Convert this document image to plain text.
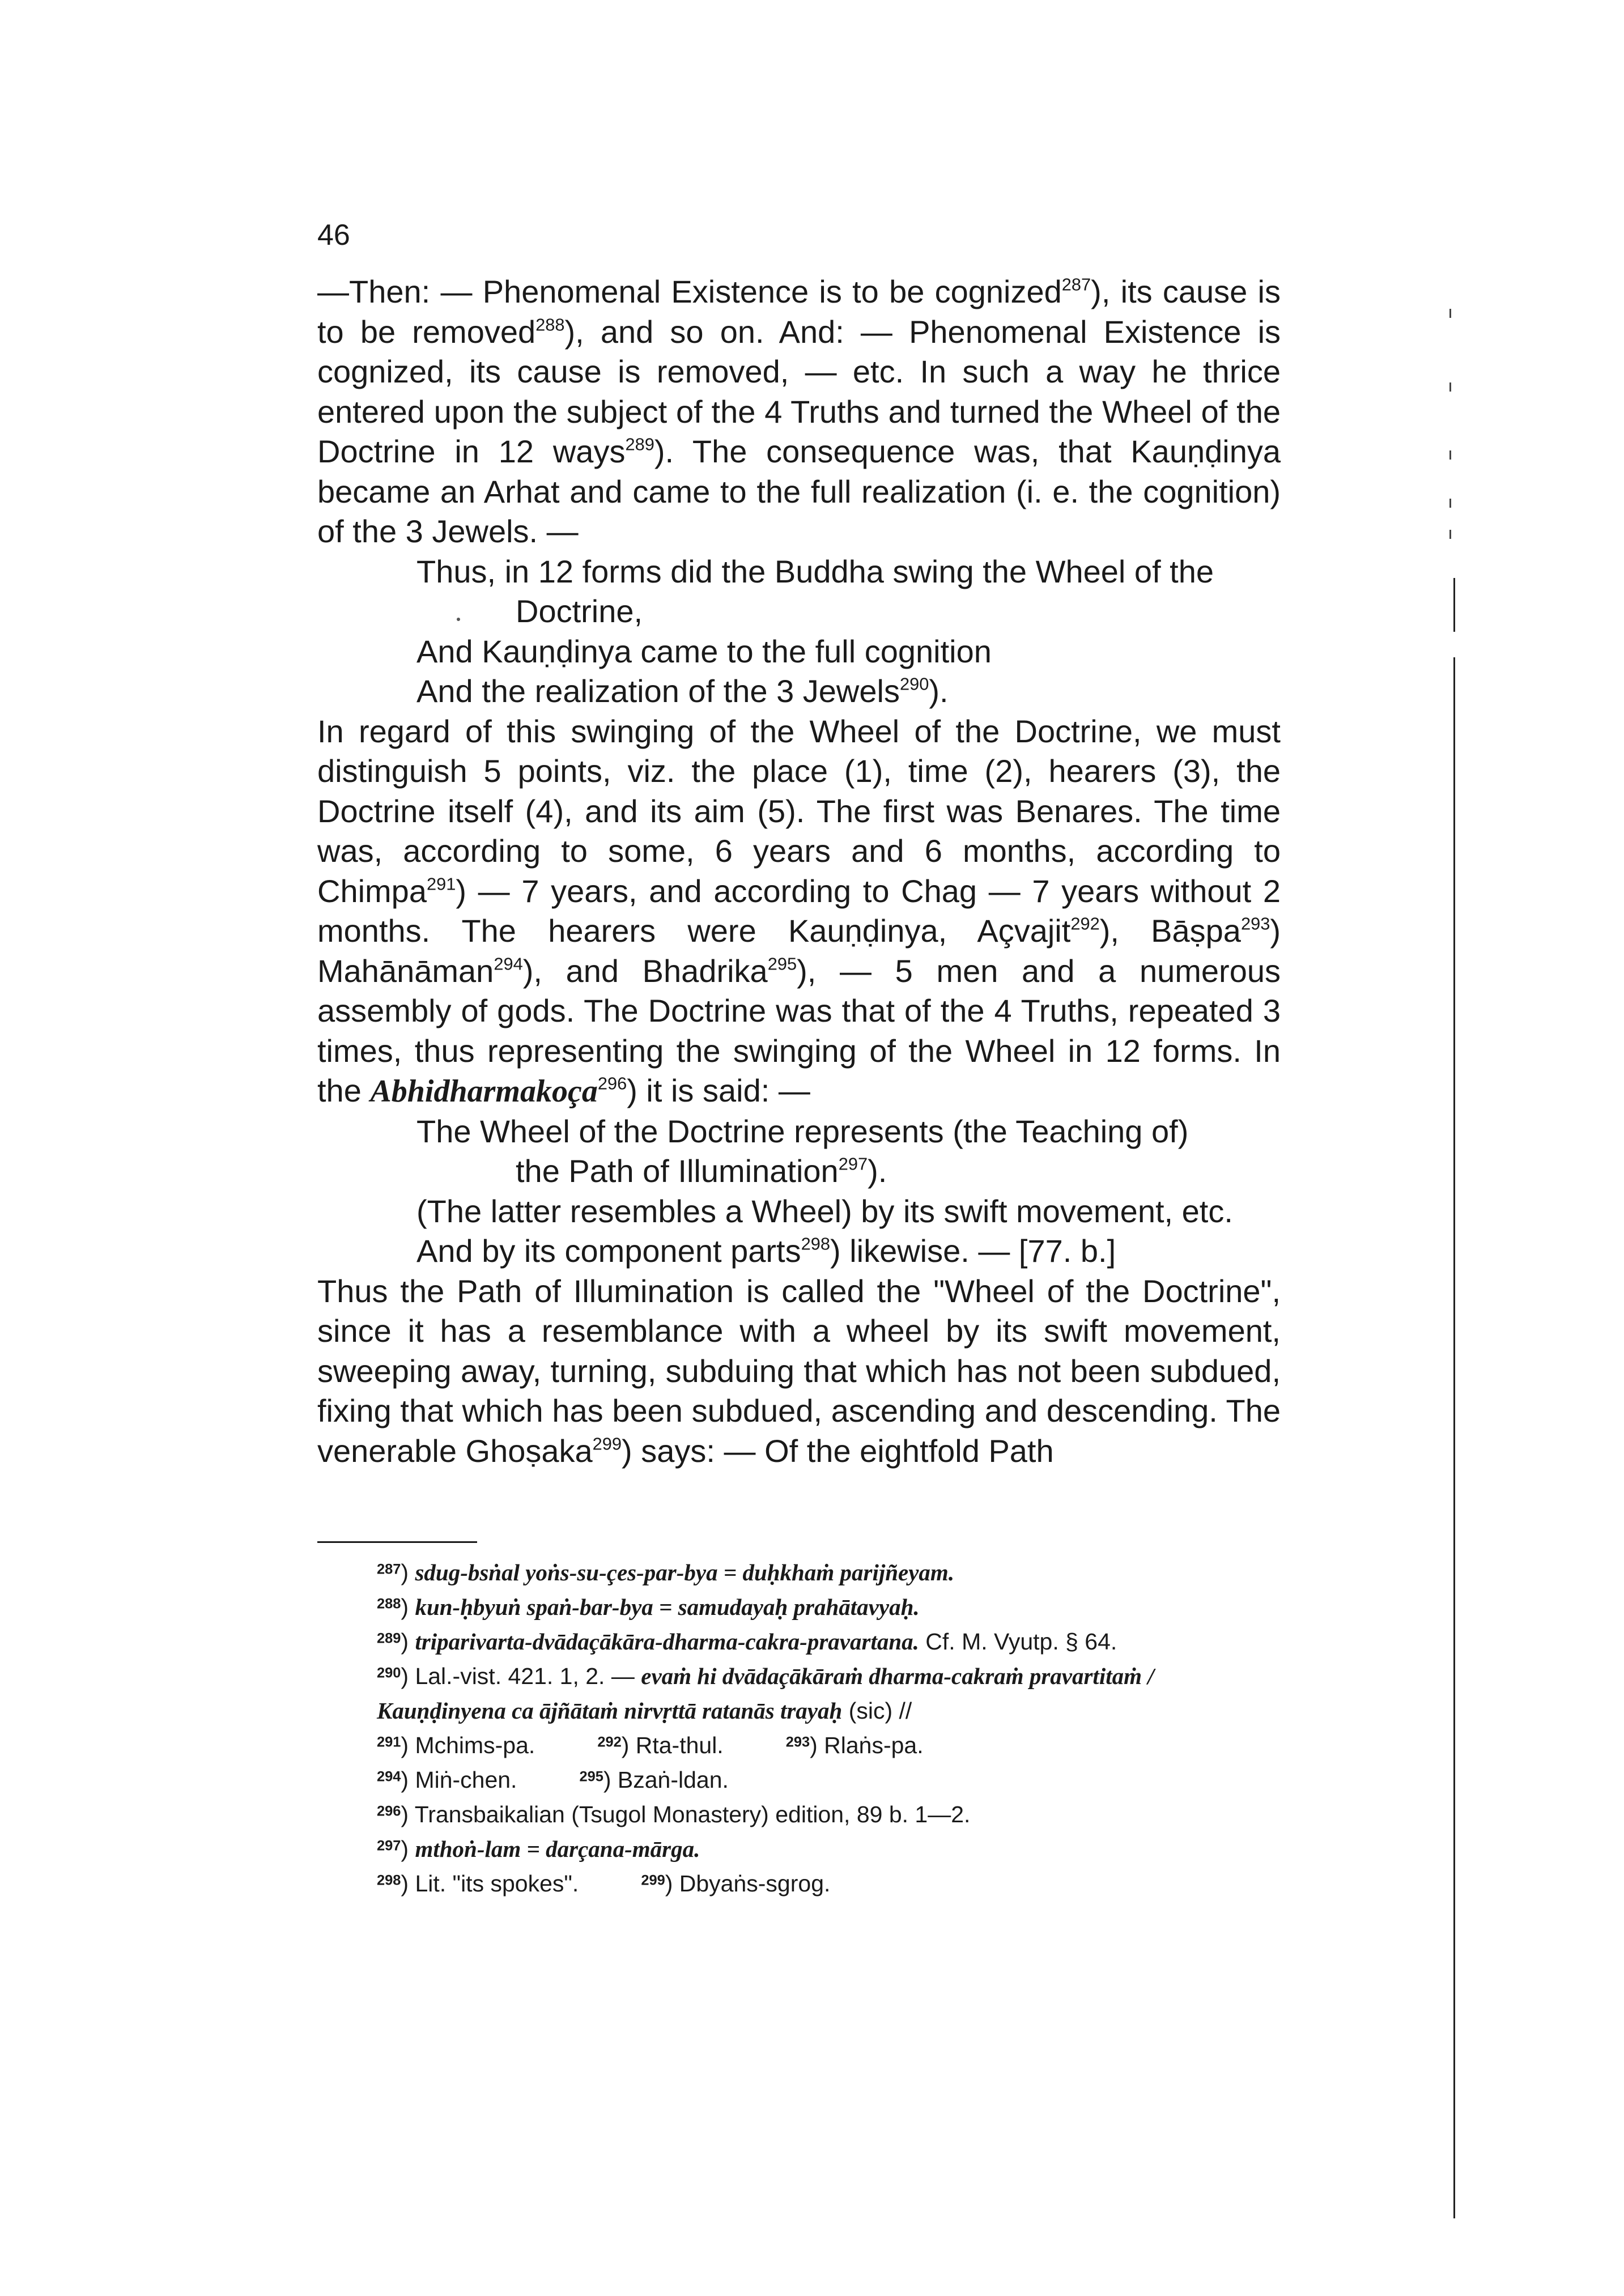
46

—Then: — Phenomenal Existence is to be cognized$^{287}$), its cause is to be removed$^{288}$), and so on. And: — Phenomenal Existence is cognized, its cause is removed, — etc. In such a way he thrice entered upon the subject of the 4 Truths and turned the Wheel of the Doctrine in 12 ways$^{289}$). The consequence was, that Kauṇḍinya became an Arhat and came to the full realization (i. e. the cognition) of the 3 Jewels. —

Thus, in 12 forms did the Buddha swing the Wheel of the
Doctrine,
And Kauṇḍinya came to the full cognition
And the realization of the 3 Jewels$^{290}$).

In regard of this swinging of the Wheel of the Doctrine, we must distinguish 5 points, viz. the place (1), time (2), hearers (3), the Doctrine itself (4), and its aim (5). The first was Benares. The time was, according to some, 6 years and 6 months, according to Chimpa$^{291}$) — 7 years, and according to Chag — 7 years without 2 months. The hearers were Kauṇḍinya, Açvajit$^{292}$), Bāṣpa$^{293}$) Mahānāman$^{294}$), and Bhadrika$^{295}$), — 5 men and a numerous assembly of gods. The Doctrine was that of the 4 Truths, repeated 3 times, thus representing the swinging of the Wheel in 12 forms. In the Abhidharmakoça$^{296}$) it is said: —

The Wheel of the Doctrine represents (the Teaching of)
the Path of Illumination$^{297}$).
(The latter resembles a Wheel) by its swift movement, etc.
And by its component parts$^{298}$) likewise. — [77. b.]

Thus the Path of Illumination is called the "Wheel of the Doctrine", since it has a resemblance with a wheel by its swift movement, sweeping away, turning, subduing that which has not been subdued, fixing that which has been subdued, ascending and descending. The venerable Ghoṣaka$^{299}$) says: — Of the eightfold Path

$^{287}$) sdug-bsṅal yoṅs-su-çes-par-bya = duḥkhaṁ parijñeyam.
$^{288}$) kun-ḥbyuṅ spaṅ-bar-bya = samudayaḥ prahātavyaḥ.
$^{289}$) triparivarta-dvādaçākāra-dharma-cakra-pravartana. Cf. M. Vyutp. § 64.
$^{290}$) Lal.-vist. 421. 1, 2. — evaṁ hi dvādaçākāraṁ dharma-cakraṁ pravartitaṁ / Kauṇḍinyena ca ājñātaṁ nirvṛttā ratanās trayaḥ (sic) //
$^{291}$) Mchims-pa.	$^{292}$) Rta-thul.	$^{293}$) Rlaṅs-pa.
$^{294}$) Miṅ-chen.	$^{295}$) Bzaṅ-ldan.
$^{296}$) Transbaikalian (Tsugol Monastery) edition, 89 b. 1—2.
$^{297}$) mthoṅ-lam = darçana-mārga.
$^{298}$) Lit. "its spokes".	$^{299}$) Dbyaṅs-sgrog.
